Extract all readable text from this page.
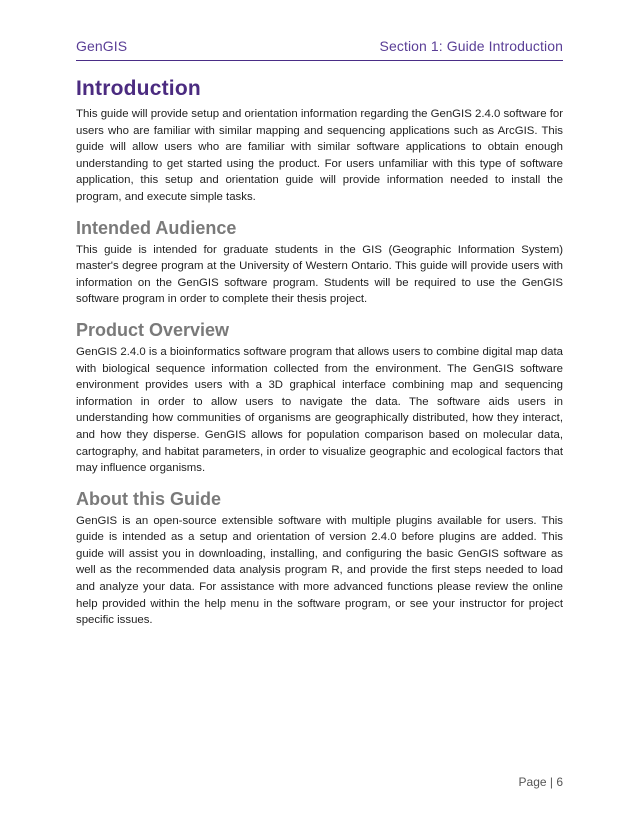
GenGIS	Section 1: Guide Introduction
Introduction

This guide will provide setup and orientation information regarding the GenGIS 2.4.0 software for users who are familiar with similar mapping and sequencing applications such as ArcGIS. This guide will allow users who are familiar with similar software applications to obtain enough understanding to get started using the product. For users unfamiliar with this type of software application, this setup and orientation guide will provide information needed to install the program, and execute simple tasks.

Intended Audience

This guide is intended for graduate students in the GIS (Geographic Information System) master's degree program at the University of Western Ontario. This guide will provide users with information on the GenGIS software program. Students will be required to use the GenGIS software program in order to complete their thesis project.

Product Overview

GenGIS 2.4.0 is a bioinformatics software program that allows users to combine digital map data with biological sequence information collected from the environment. The GenGIS software environment provides users with a 3D graphical interface combining map and sequencing information in order to allow users to navigate the data. The software aids users in understanding how communities of organisms are geographically distributed, how they interact, and how they disperse. GenGIS allows for population comparison based on molecular data, cartography, and habitat parameters, in order to visualize geographic and ecological factors that may influence organisms.

About this Guide

GenGIS is an open-source extensible software with multiple plugins available for users. This guide is intended as a setup and orientation of version 2.4.0 before plugins are added. This guide will assist you in downloading, installing, and configuring the basic GenGIS software as well as the recommended data analysis program R, and provide the first steps needed to load and analyze your data. For assistance with more advanced functions please review the online help provided within the help menu in the software program, or see your instructor for project specific issues.

Page | 6
